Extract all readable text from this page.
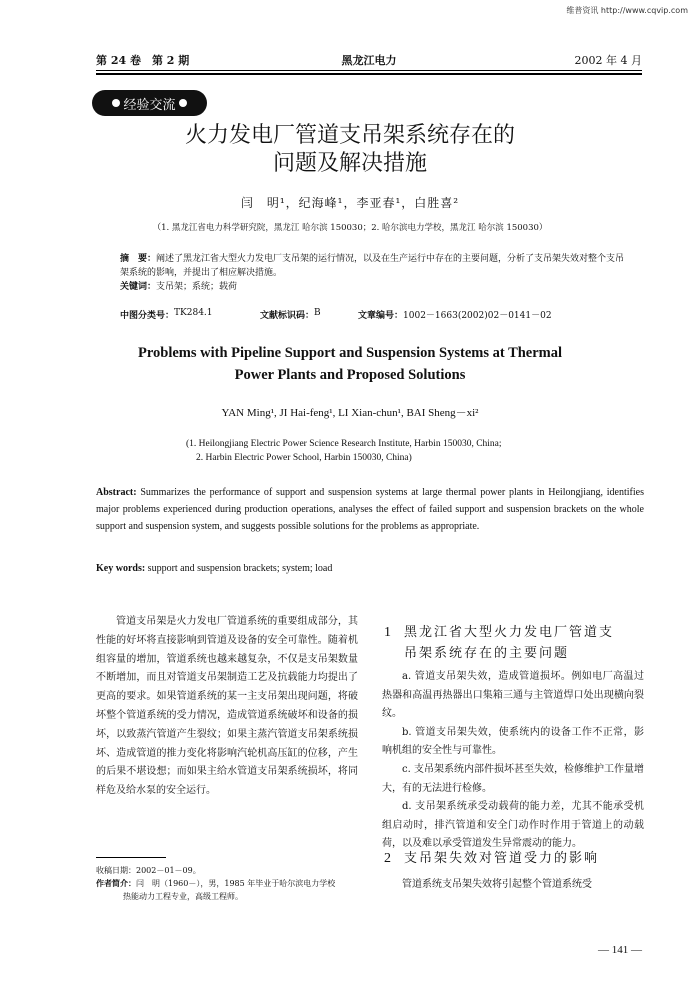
维普资讯 http://www.cqvip.com
第 24 卷　第 2 期	黑龙江电力	2002 年 4 月
经验交流
火力发电厂管道支吊架系统存在的
问题及解决措施
闫　明¹，纪海峰¹，李亚春¹，白胜喜²
（1. 黑龙江省电力科学研究院，黑龙江 哈尔滨 150030；2. 哈尔滨电力学校，黑龙江 哈尔滨 150030）
摘　要：阐述了黑龙江省大型火力发电厂支吊架的运行情况，以及在生产运行中存在的主要问题，分析了支吊架失效对整个支吊架系统的影响，并提出了相应解决措施。
关键词：支吊架；系统；载荷
中图分类号： TK284.1	文献标识码： B	文章编号： 1002－1663(2002)02－0141－02
Problems with Pipeline Support and Suspension Systems at Thermal
Power Plants and Proposed Solutions
YAN Ming¹, JI Hai-feng¹, LI Xian-chun¹, BAI Sheng－xi²
(1. Heilongjiang Electric Power Science Research Institute, Harbin 150030, China;
2. Harbin Electric Power School, Harbin 150030, China)
Abstract: Summarizes the performance of support and suspension systems at large thermal power plants in Heilongjiang, identifies major problems experienced during production operations, analyses the effect of failed support and suspension brackets on the whole support and suspension system, and suggests possible solutions for the problems as appropriate.
Key words: support and suspension brackets; system; load

管道支吊架是火力发电厂管道系统的重要组成部分，其性能的好坏将直接影响到管道及设备的安全可靠性。随着机组容量的增加，管道系统也越来越复杂，不仅是支吊架数量不断增加，而且对管道支吊架制造工艺及抗载能力均提出了更高的要求。如果管道系统的某一主支吊架出现问题，将破坏整个管道系统的受力情况，造成管道系统破坏和设备的损坏，以致蒸汽管道产生裂纹；如果主蒸汽管道支吊架系统损坏、造成管道的推力变化将影响汽轮机高压缸的位移，产生的后果不堪设想；而如果主给水管道支吊架系统损坏，将同样危及给水泵的安全运行。

收稿日期：2002－01－09。
作者简介：闫　明（1960－），男，1985 年毕业于哈尔滨电力学校
热能动力工程专业，高级工程师。
1 黑龙江省大型火力发电厂管道支
吊架系统存在的主要问题

a. 管道支吊架失效，造成管道损坏。例如电厂高温过热器和高温再热器出口集箱三通与主管道焊口处出现横向裂纹。

b. 管道支吊架失效，使系统内的设备工作不正常，影响机组的安全性与可靠性。

c. 支吊架系统内部件损坏甚至失效，检修维护工作量增大，有的无法进行检修。

d. 支吊架系统承受动载荷的能力差，尤其不能承受机组启动时，排汽管道和安全门动作时作用于管道上的动载荷，以及难以承受管道发生异常震动的能力。

2 支吊架失效对管道受力的影响
管道系统支吊架失效将引起整个管道系统受
— 141 —
